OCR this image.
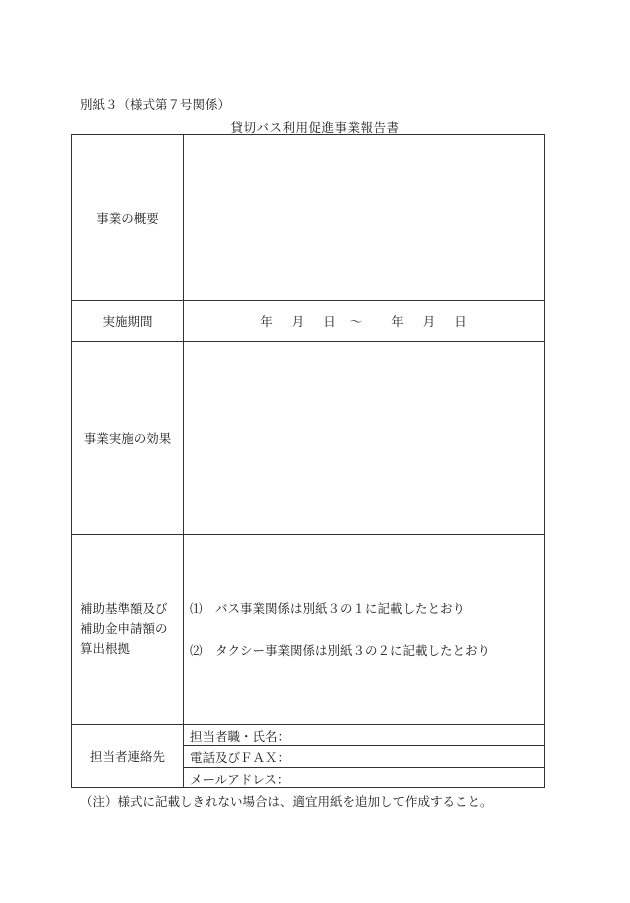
別紙３（様式第７号関係）
貸切バス利用促進事業報告書
事業の概要
実施期間	年 月 日 ～ 年 月 日
事業実施の効果
補助基準額及び
補助金申請額の
算出根拠
⑴　バス事業関係は別紙３の１に記載したとおり
⑵　タクシー事業関係は別紙３の２に記載したとおり
担当者連絡先
担当者職・氏名：
電話及びＦＡＸ：
メールアドレス：
（注）様式に記載しきれない場合は、適宜用紙を追加して作成すること。
